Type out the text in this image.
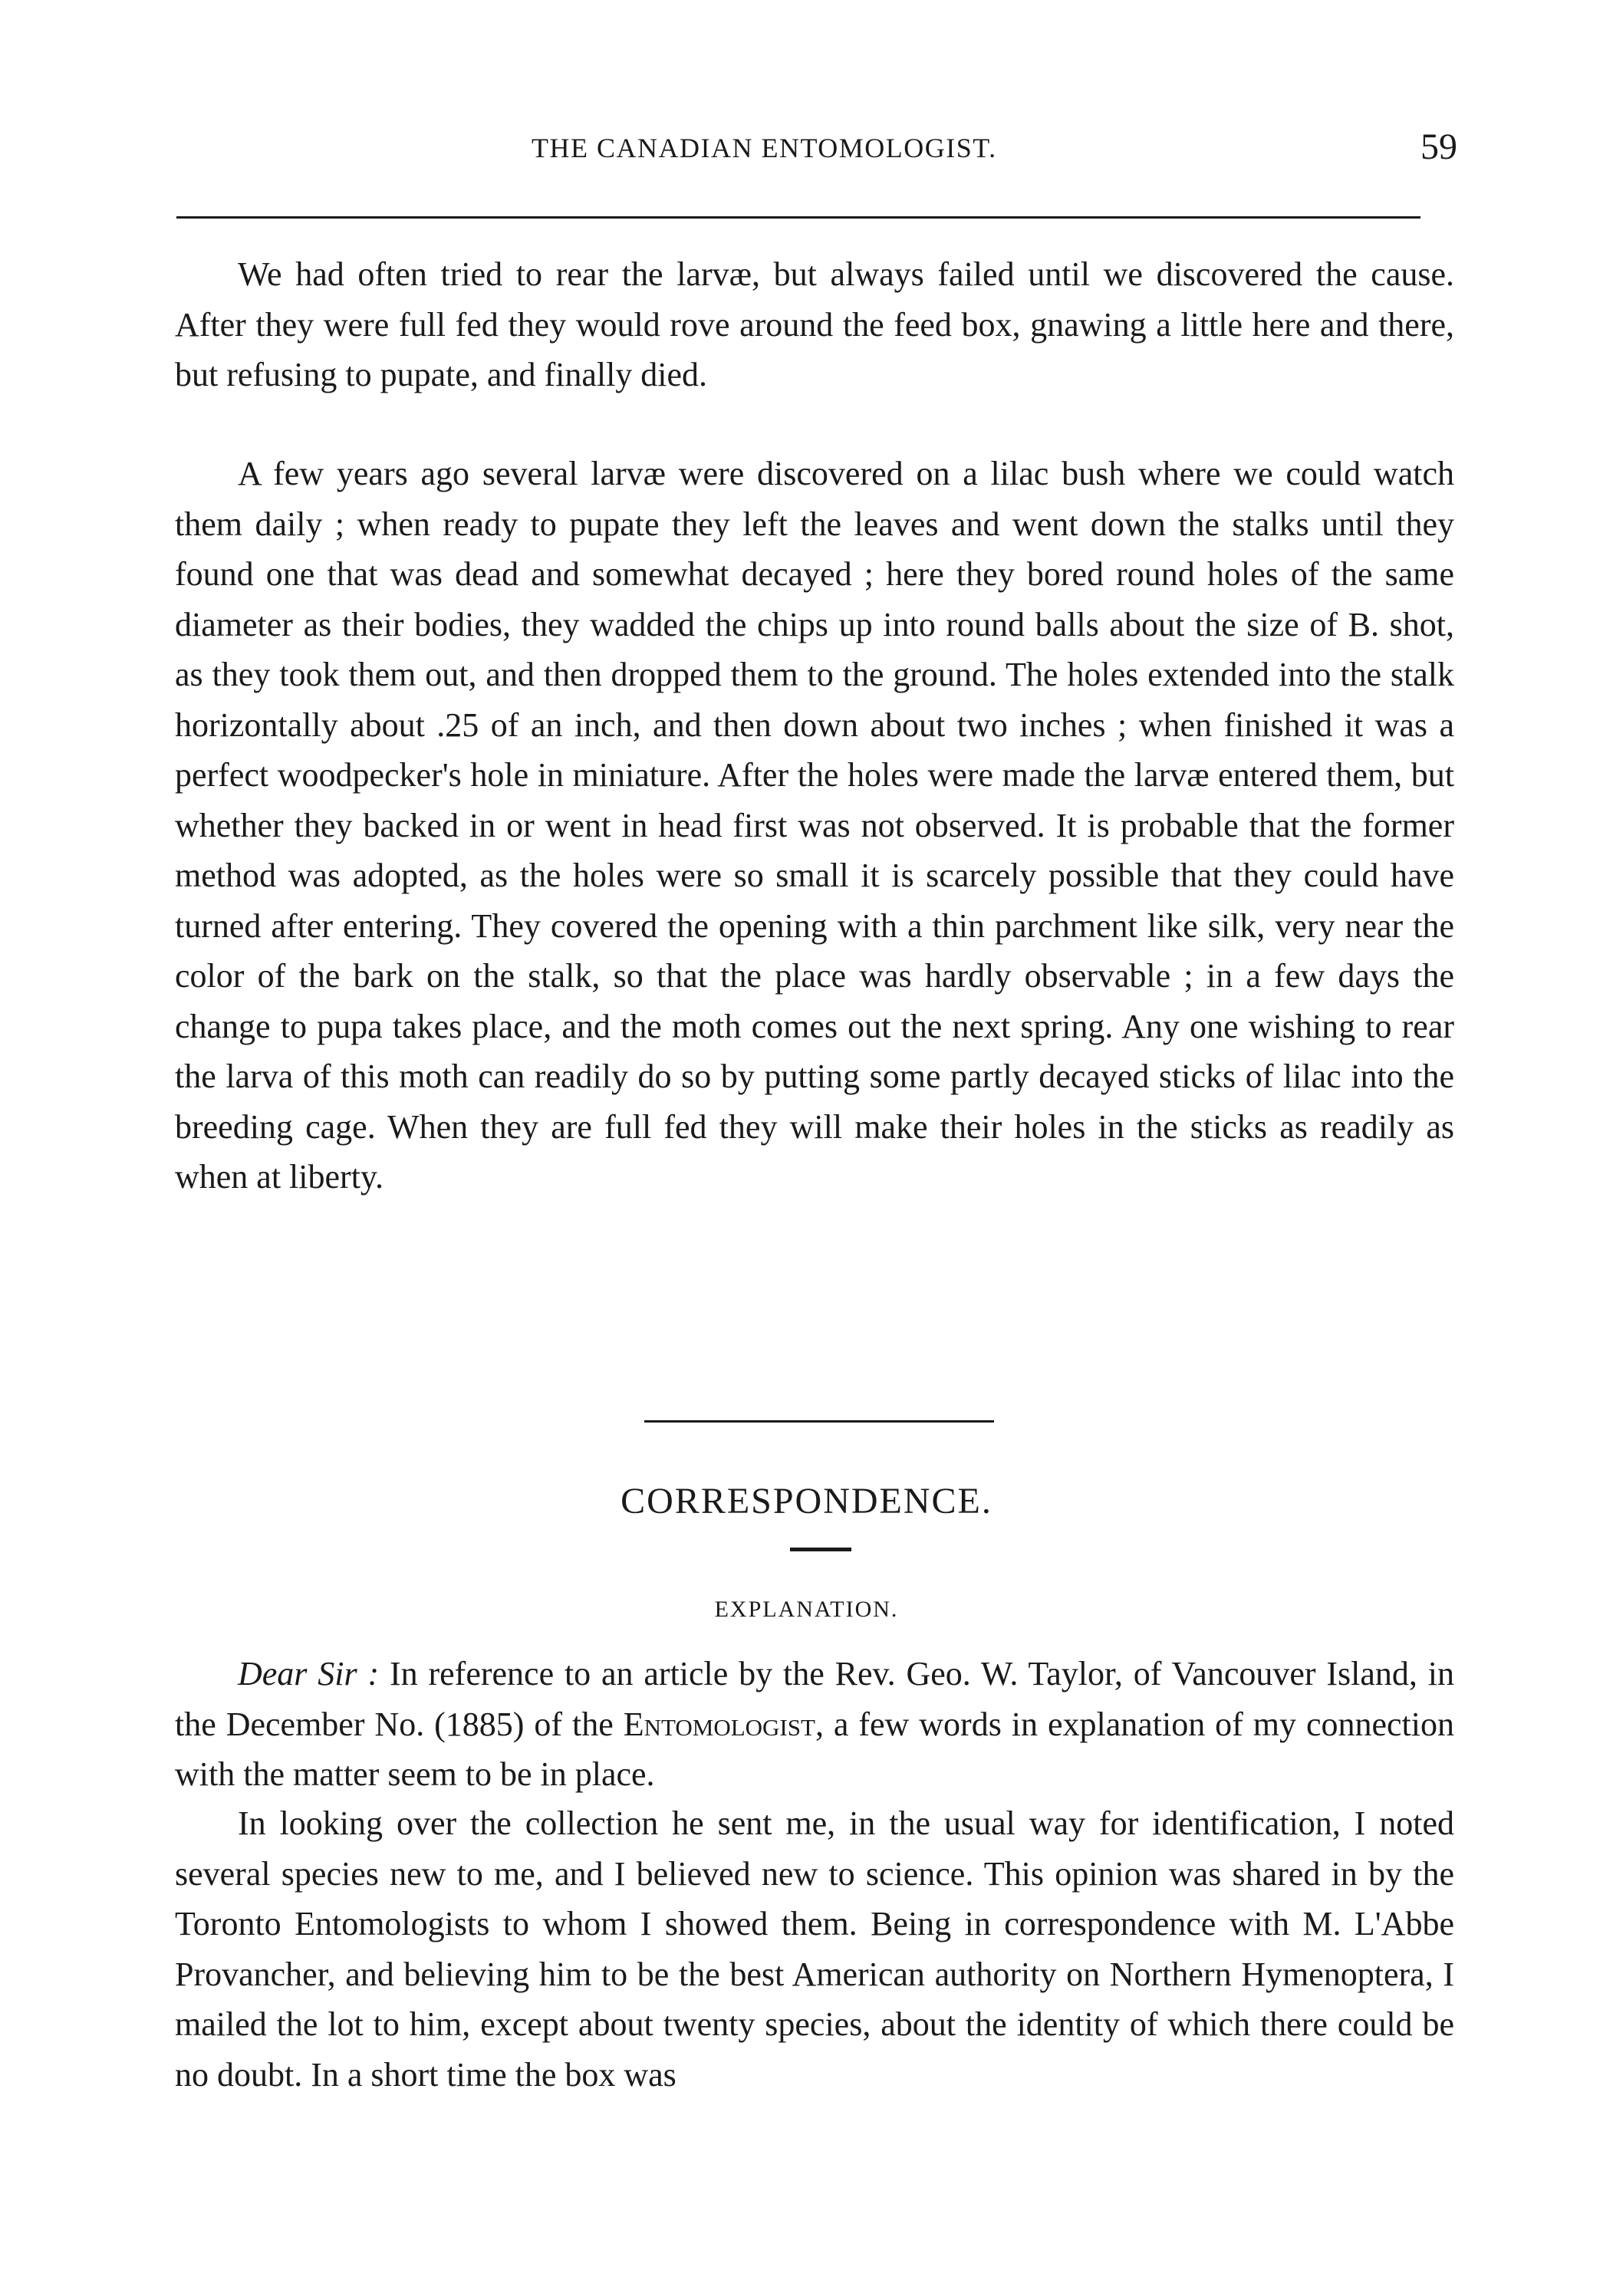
THE CANADIAN ENTOMOLOGIST.	59

We had often tried to rear the larvæ, but always failed until we discovered the cause. After they were full fed they would rove around the feed box, gnawing a little here and there, but refusing to pupate, and finally died.

A few years ago several larvæ were discovered on a lilac bush where we could watch them daily ; when ready to pupate they left the leaves and went down the stalks until they found one that was dead and somewhat decayed ; here they bored round holes of the same diameter as their bodies, they wadded the chips up into round balls about the size of B. shot, as they took them out, and then dropped them to the ground. The holes extended into the stalk horizontally about .25 of an inch, and then down about two inches ; when finished it was a perfect woodpecker's hole in miniature. After the holes were made the larvæ entered them, but whether they backed in or went in head first was not observed. It is probable that the former method was adopted, as the holes were so small it is scarcely possible that they could have turned after entering. They covered the opening with a thin parchment like silk, very near the color of the bark on the stalk, so that the place was hardly observable ; in a few days the change to pupa takes place, and the moth comes out the next spring. Any one wishing to rear the larva of this moth can readily do so by putting some partly decayed sticks of lilac into the breeding cage. When they are full fed they will make their holes in the sticks as readily as when at liberty.

CORRESPONDENCE.
EXPLANATION.

Dear Sir : In reference to an article by the Rev. Geo. W. Taylor, of Vancouver Island, in the December No. (1885) of the Entomologist, a few words in explanation of my connection with the matter seem to be in place.

In looking over the collection he sent me, in the usual way for identification, I noted several species new to me, and I believed new to science. This opinion was shared in by the Toronto Entomologists to whom I showed them. Being in correspondence with M. L'Abbe Provancher, and believing him to be the best American authority on Northern Hymenoptera, I mailed the lot to him, except about twenty species, about the identity of which there could be no doubt. In a short time the box was
